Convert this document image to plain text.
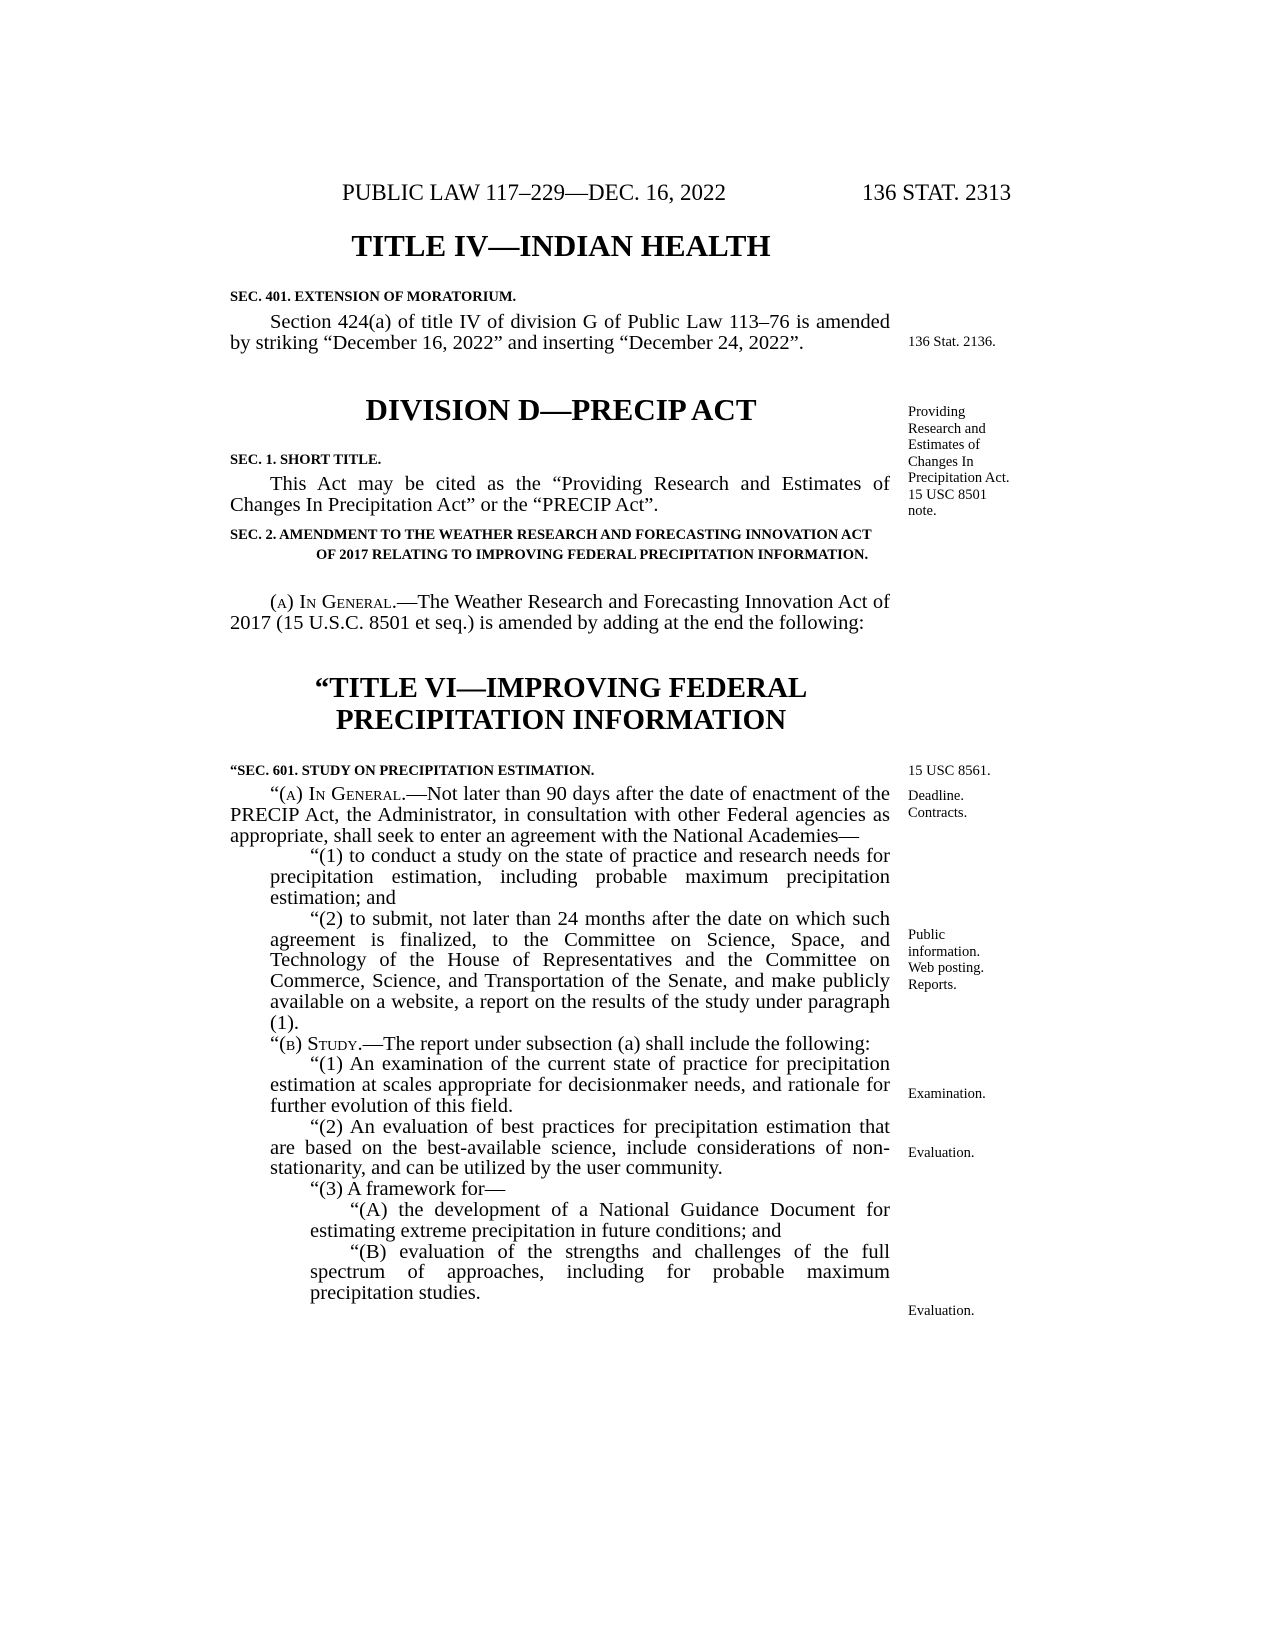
PUBLIC LAW 117–229—DEC. 16, 2022	136 STAT. 2313
TITLE IV—INDIAN HEALTH
SEC. 401. EXTENSION OF MORATORIUM.

Section 424(a) of title IV of division G of Public Law 113–76 is amended by striking “December 16, 2022” and inserting “December 24, 2022”.

DIVISION D—PRECIP ACT
SEC. 1. SHORT TITLE.

This Act may be cited as the “Providing Research and Estimates of Changes In Precipitation Act” or the “PRECIP Act”.

SEC. 2. AMENDMENT TO THE WEATHER RESEARCH AND FORECASTING INNOVATION ACT OF 2017 RELATING TO IMPROVING FEDERAL PRECIPITATION INFORMATION.

(a) In General.—The Weather Research and Forecasting Innovation Act of 2017 (15 U.S.C. 8501 et seq.) is amended by adding at the end the following:

“TITLE VI—IMPROVING FEDERAL
PRECIPITATION INFORMATION
“SEC. 601. STUDY ON PRECIPITATION ESTIMATION.

“(a) In General.—Not later than 90 days after the date of enactment of the PRECIP Act, the Administrator, in consultation with other Federal agencies as appropriate, shall seek to enter an agreement with the National Academies—

“(1) to conduct a study on the state of practice and research needs for precipitation estimation, including probable maximum precipitation estimation; and

“(2) to submit, not later than 24 months after the date on which such agreement is finalized, to the Committee on Science, Space, and Technology of the House of Representatives and the Committee on Commerce, Science, and Transportation of the Senate, and make publicly available on a website, a report on the results of the study under paragraph (1).

“(b) Study.—The report under subsection (a) shall include the following:

“(1) An examination of the current state of practice for precipitation estimation at scales appropriate for decisionmaker needs, and rationale for further evolution of this field.

“(2) An evaluation of best practices for precipitation estimation that are based on the best-available science, include considerations of non-stationarity, and can be utilized by the user community.

“(3) A framework for—

“(A) the development of a National Guidance Document for estimating extreme precipitation in future conditions; and

“(B) evaluation of the strengths and challenges of the full spectrum of approaches, including for probable maximum precipitation studies.

136 Stat. 2136.
Providing
Research and
Estimates of
Changes In
Precipitation Act.
15 USC 8501
note.
15 USC 8561.
Deadline.
Contracts.
Public
information.
Web posting.
Reports.
Examination.
Evaluation.
Evaluation.
